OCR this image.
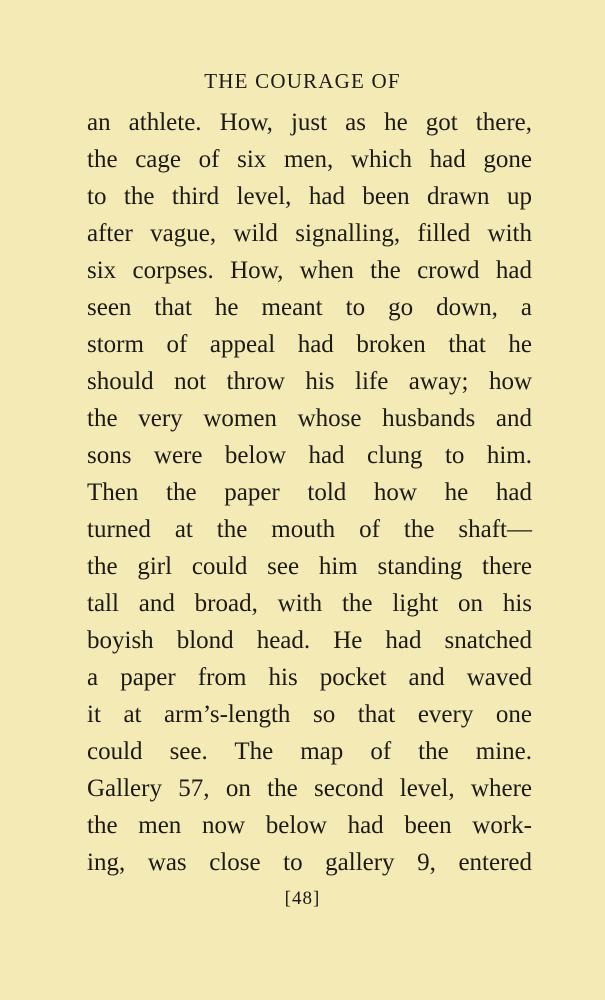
THE COURAGE OF
an athlete. How, just as he got there,
the cage of six men, which had gone
to the third level, had been drawn up
after vague, wild signalling, filled with
six corpses. How, when the crowd had
seen that he meant to go down, a
storm of appeal had broken that he
should not throw his life away; how
the very women whose husbands and
sons were below had clung to him.
Then the paper told how he had
turned at the mouth of the shaft—
the girl could see him standing there
tall and broad, with the light on his
boyish blond head. He had snatched
a paper from his pocket and waved
it at arm’s-length so that every one
could see. The map of the mine.
Gallery 57, on the second level, where
the men now below had been work-
ing, was close to gallery 9, entered
[48]
